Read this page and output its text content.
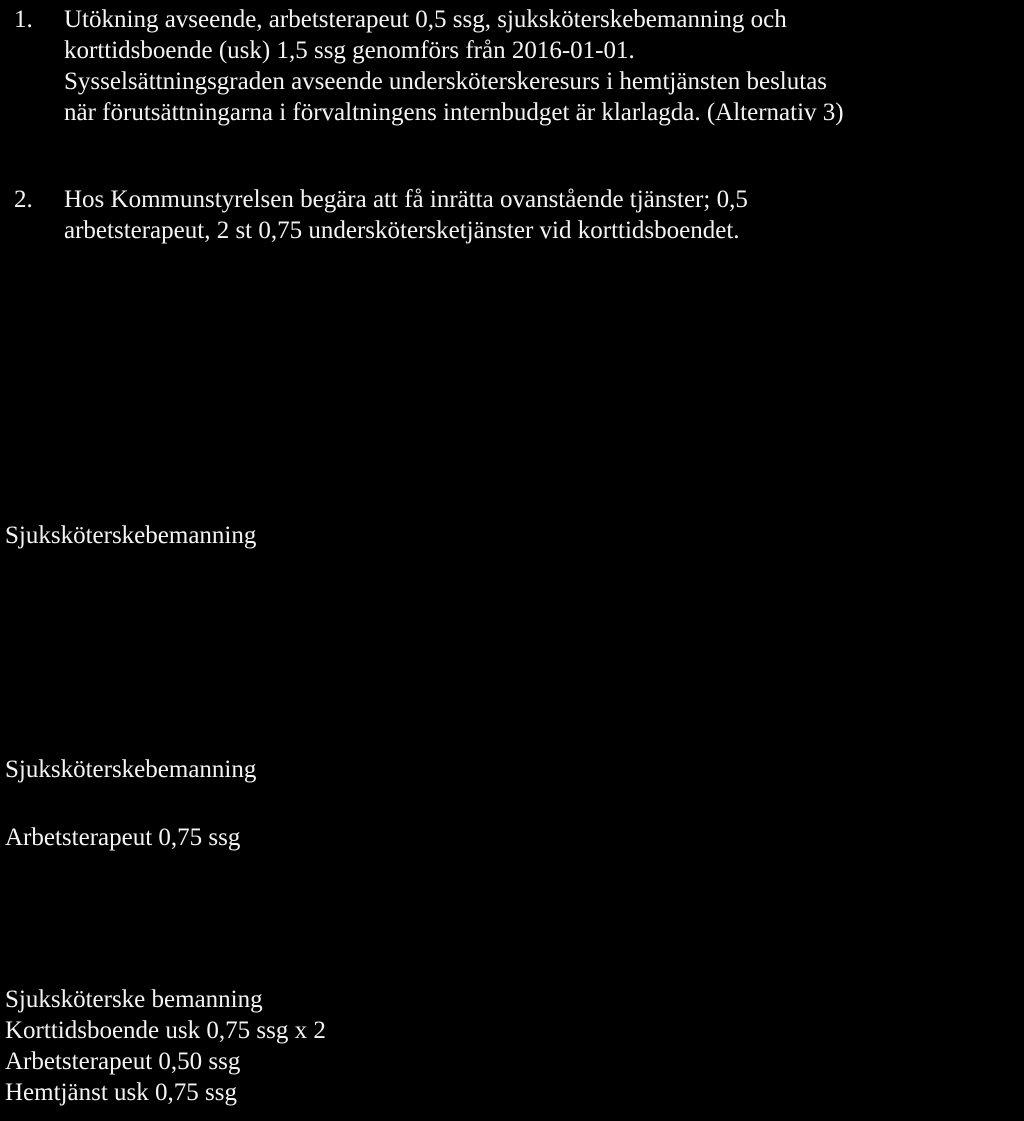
1.	Utökning avseende, arbetsterapeut 0,5 ssg, sjuksköterskebemanning och
korttidsboende (usk) 1,5 ssg genomförs från 2016-01-01.
Sysselsättningsgraden avseende undersköterskeresurs i hemtjänsten beslutas
när förutsättningarna i förvaltningens internbudget är klarlagda. (Alternativ 3)
2.	Hos Kommunstyrelsen begära att få inrätta ovanstående tjänster; 0,5
arbetsterapeut, 2 st 0,75 underskötersketjänster vid korttidsboendet.
Sjuksköterskebemanning
Sjuksköterskebemanning
Arbetsterapeut 0,75 ssg
Sjuksköterske bemanning
Korttidsboende usk 0,75 ssg x 2
Arbetsterapeut 0,50 ssg
Hemtjänst usk 0,75 ssg
